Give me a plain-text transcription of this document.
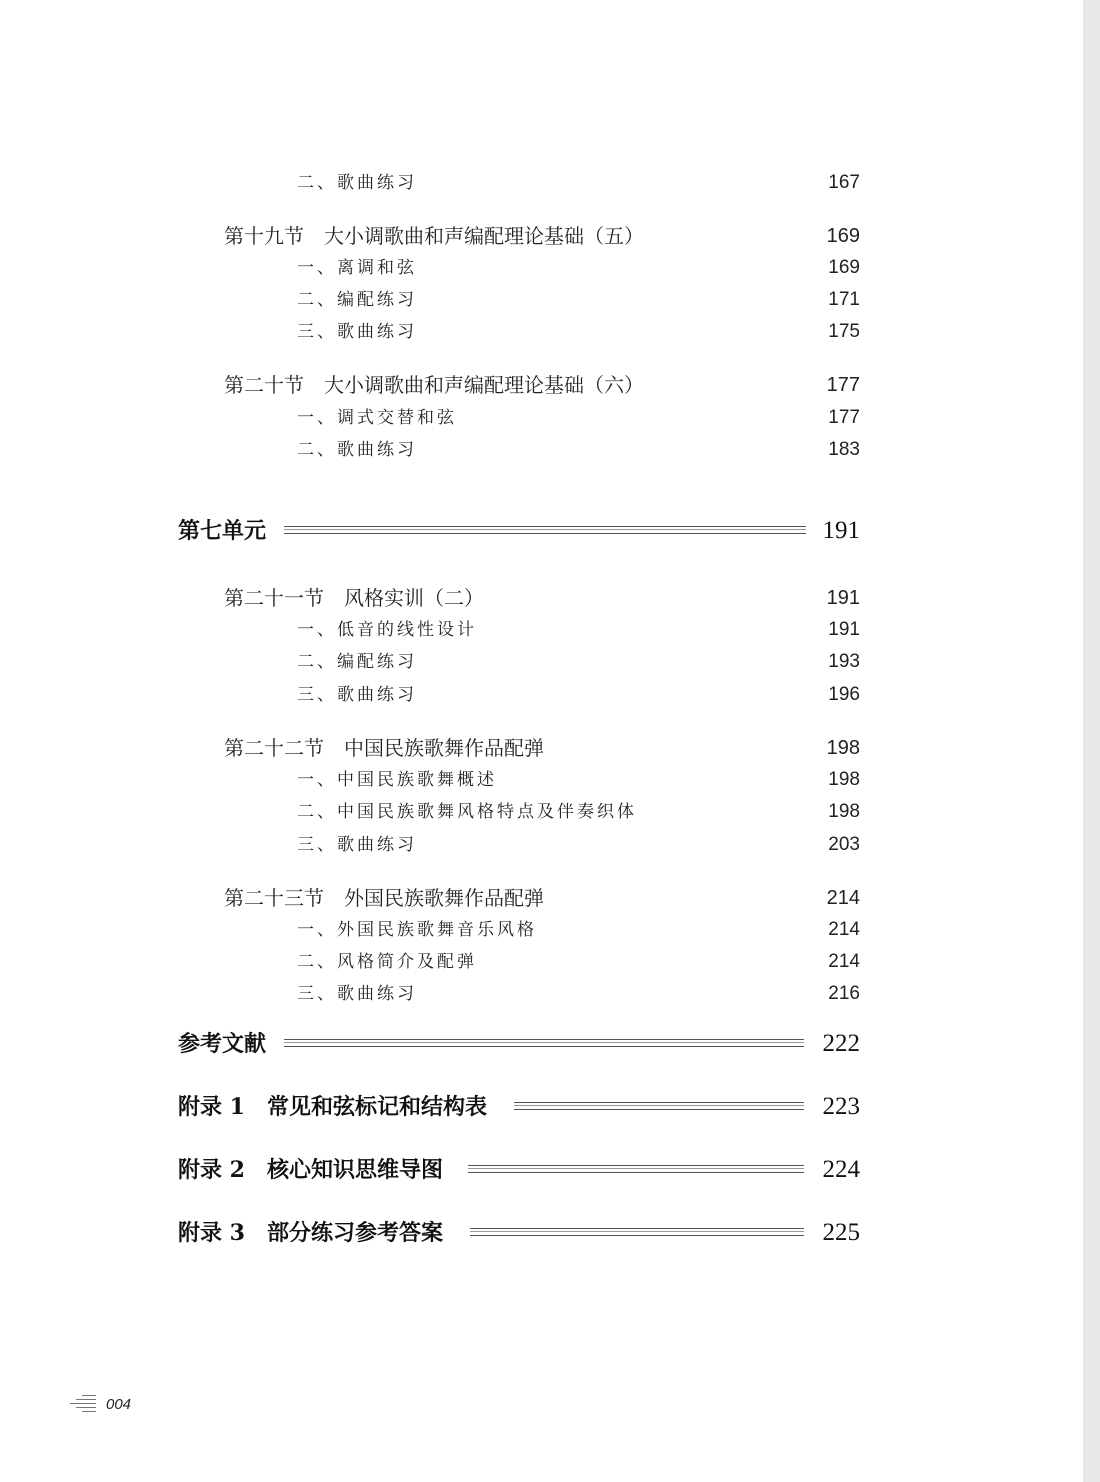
二、歌曲练习	167
第十九节　大小调歌曲和声编配理论基础（五）	169
一、离调和弦	169
二、编配练习	171
三、歌曲练习	175
第二十节　大小调歌曲和声编配理论基础（六）	177
一、调式交替和弦	177
二、歌曲练习	183
第七单元	191
第二十一节　风格实训（二）	191
一、低音的线性设计	191
二、编配练习	193
三、歌曲练习	196
第二十二节　中国民族歌舞作品配弹	198
一、中国民族歌舞概述	198
二、中国民族歌舞风格特点及伴奏织体	198
三、歌曲练习	203
第二十三节　外国民族歌舞作品配弹	214
一、外国民族歌舞音乐风格	214
二、风格简介及配弹	214
三、歌曲练习	216
参考文献	222
附录 1　常见和弦标记和结构表	223
附录 2　核心知识思维导图	224
附录 3　部分练习参考答案	225
004
